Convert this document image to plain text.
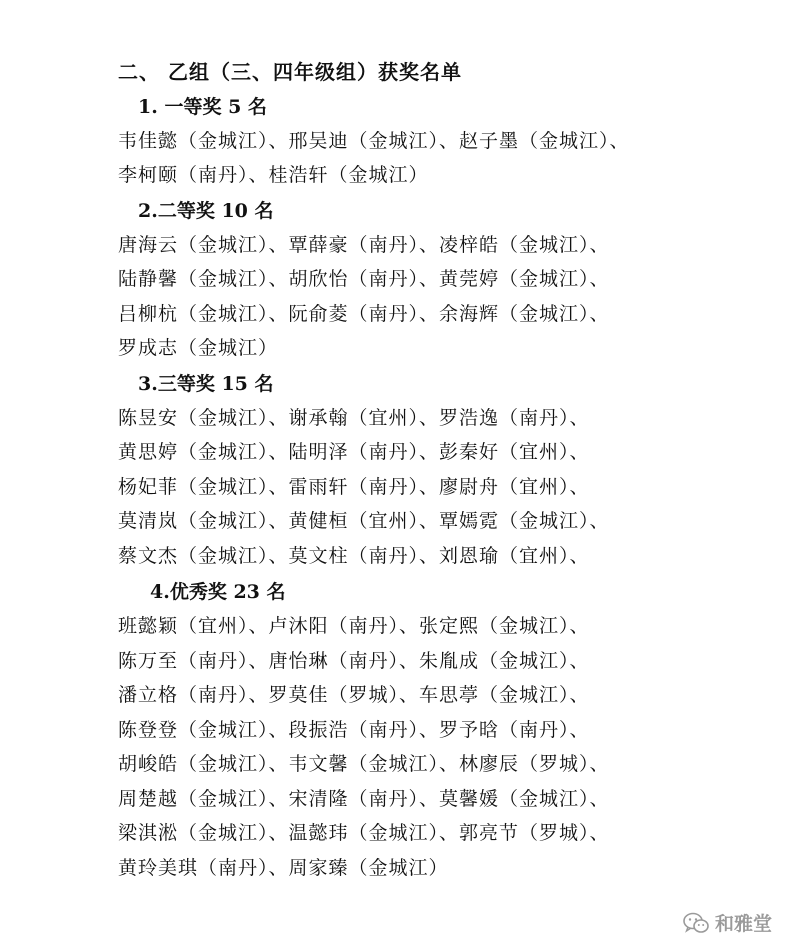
二、 乙组（三、四年级组）获奖名单
1. 一等奖 5 名
韦佳懿（金城江）、邢吴迪（金城江）、赵子墨（金城江）、
李柯颐（南丹）、桂浩轩（金城江）
2.二等奖 10 名
唐海云（金城江）、覃薛豪（南丹）、凌梓皓（金城江）、
陆静馨（金城江）、胡欣怡（南丹）、黄莞婷（金城江）、
吕柳杭（金城江）、阮俞菱（南丹）、余海辉（金城江）、
罗成志（金城江）
3.三等奖 15 名
陈昱安（金城江）、谢承翰（宜州）、罗浩逸（南丹）、
黄思婷（金城江）、陆明泽（南丹）、彭秦好（宜州）、
杨妃菲（金城江）、雷雨轩（南丹）、廖尉舟（宜州）、
莫清岚（金城江）、黄健桓（宜州）、覃嫣霓（金城江）、
蔡文杰（金城江）、莫文柱（南丹）、刘恩瑜（宜州）、
4.优秀奖 23 名
班懿颖（宜州）、卢沐阳（南丹）、张定熙（金城江）、
陈万至（南丹）、唐怡琳（南丹）、朱胤成（金城江）、
潘立格（南丹）、罗莫佳（罗城）、车思葶（金城江）、
陈登登（金城江）、段振浩（南丹）、罗予晗（南丹）、
胡峻皓（金城江）、韦文馨（金城江）、林廖辰（罗城）、
周楚越（金城江）、宋清隆（南丹）、莫馨媛（金城江）、
梁淇淞（金城江）、温懿玮（金城江）、郭亮节（罗城）、
黄玲美琪（南丹）、周家臻（金城江）
和雅堂
